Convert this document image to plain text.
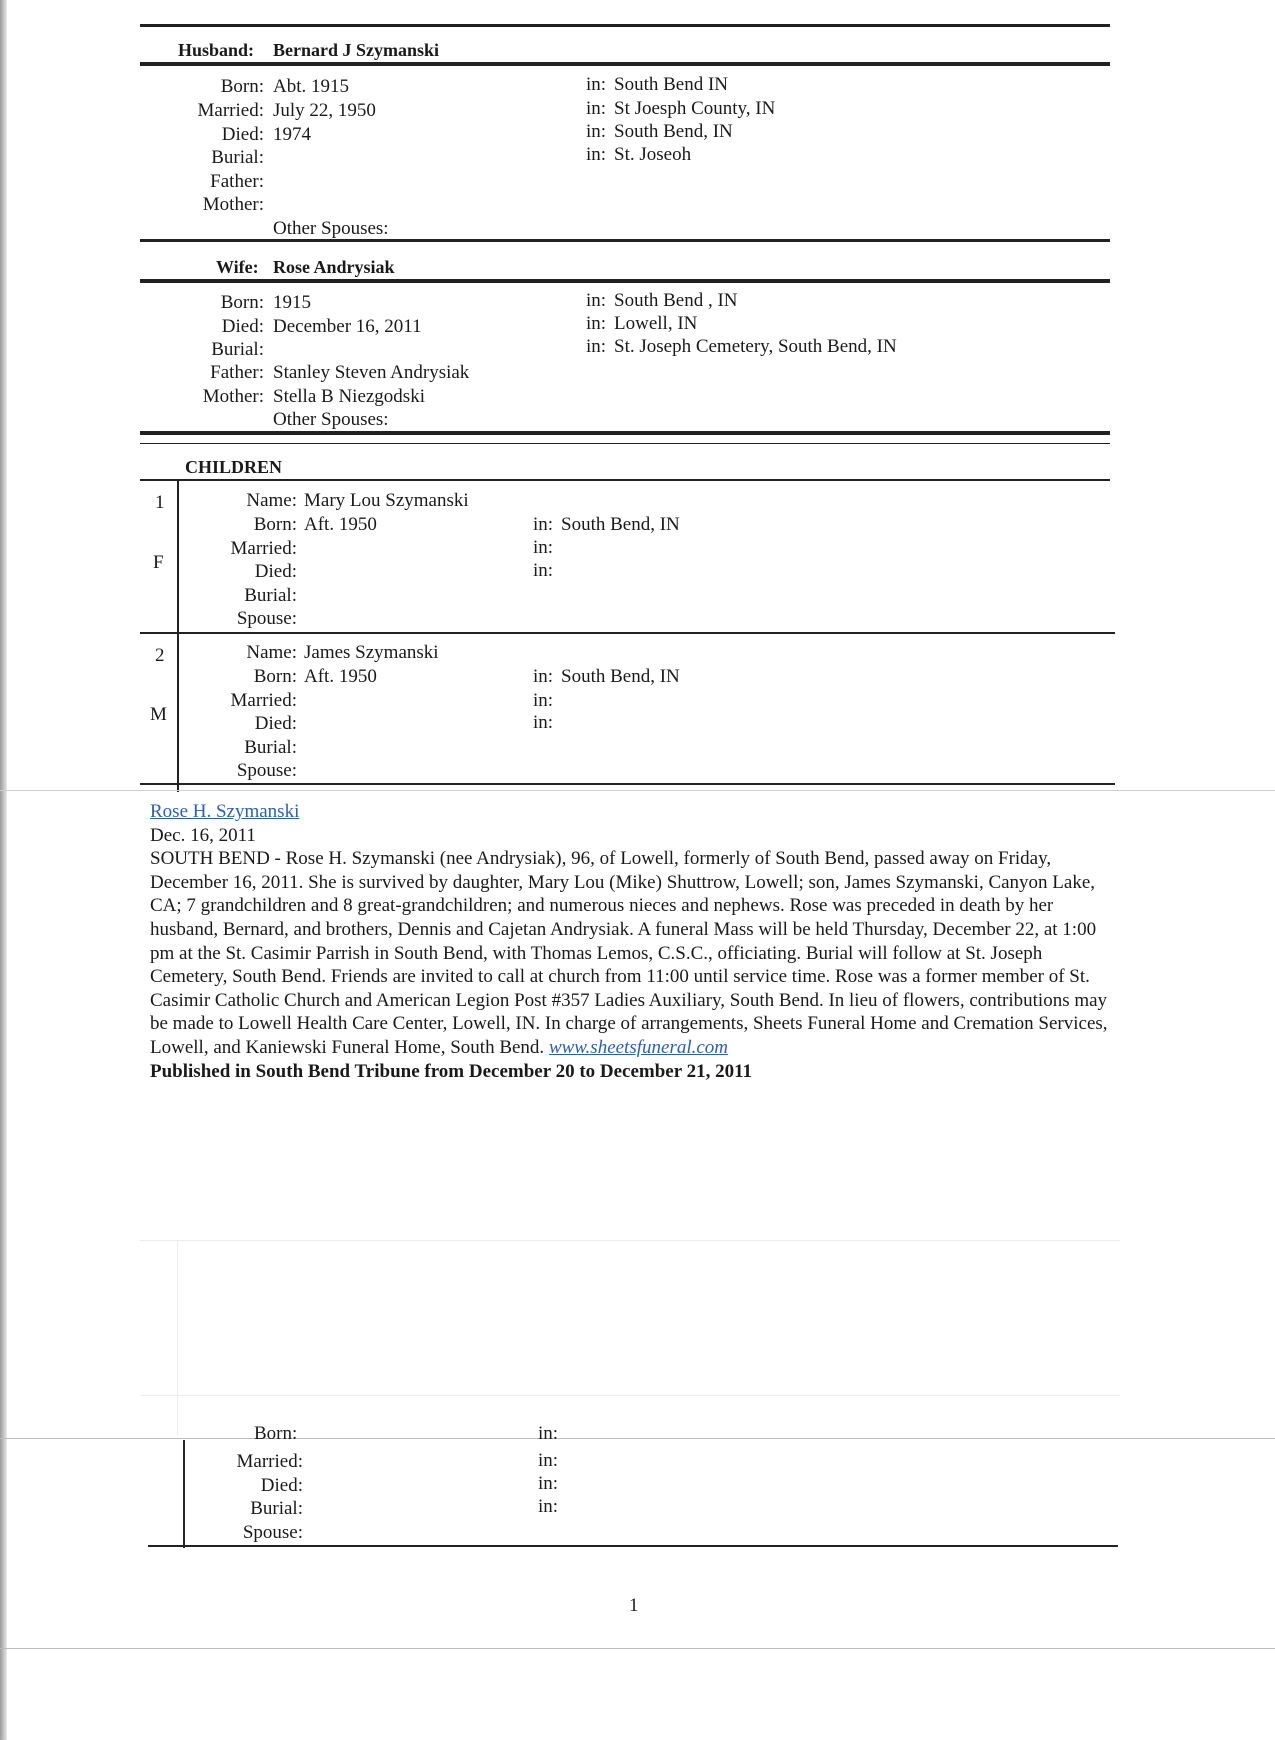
Husband: Bernard J Szymanski
Born: Abt. 1915	in: South Bend IN
Married: July 22, 1950	in: St Joesph County, IN
Died: 1974	in: South Bend, IN
Burial:	in: St. Joseoh
Father:
Mother:
Other Spouses:
Wife: Rose Andrysiak
Born: 1915	in: South Bend , IN
Died: December 16, 2011	in: Lowell, IN
Burial:	in: St. Joseph Cemetery, South Bend, IN
Father: Stanley Steven Andrysiak
Mother: Stella B Niezgodski
Other Spouses:
CHILDREN
1
F
Name: Mary Lou Szymanski
Born: Aft. 1950	in: South Bend, IN
Married:	in:
Died:	in:
Burial:
Spouse:
2
M
Name: James Szymanski
Born: Aft. 1950	in: South Bend, IN
Married:	in:
Died:	in:
Burial:
Spouse:
Rose H. Szymanski
Dec. 16, 2011
SOUTH BEND - Rose H. Szymanski (nee Andrysiak), 96, of Lowell, formerly of South Bend, passed away on Friday, December 16, 2011. She is survived by daughter, Mary Lou (Mike) Shuttrow, Lowell; son, James Szymanski, Canyon Lake, CA; 7 grandchildren and 8 great-grandchildren; and numerous nieces and nephews. Rose was preceded in death by her husband, Bernard, and brothers, Dennis and Cajetan Andrysiak. A funeral Mass will be held Thursday, December 22, at 1:00 pm at the St. Casimir Parrish in South Bend, with Thomas Lemos, C.S.C., officiating. Burial will follow at St. Joseph Cemetery, South Bend. Friends are invited to call at church from 11:00 until service time. Rose was a former member of St. Casimir Catholic Church and American Legion Post #357 Ladies Auxiliary, South Bend. In lieu of flowers, contributions may be made to Lowell Health Care Center, Lowell, IN. In charge of arrangements, Sheets Funeral Home and Cremation Services, Lowell, and Kaniewski Funeral Home, South Bend. www.sheetsfuneral.com
Published in South Bend Tribune from December 20 to December 21, 2011
Born:	in:
Married:	in:
Died:	in:
Burial:	in:
Spouse:
1
